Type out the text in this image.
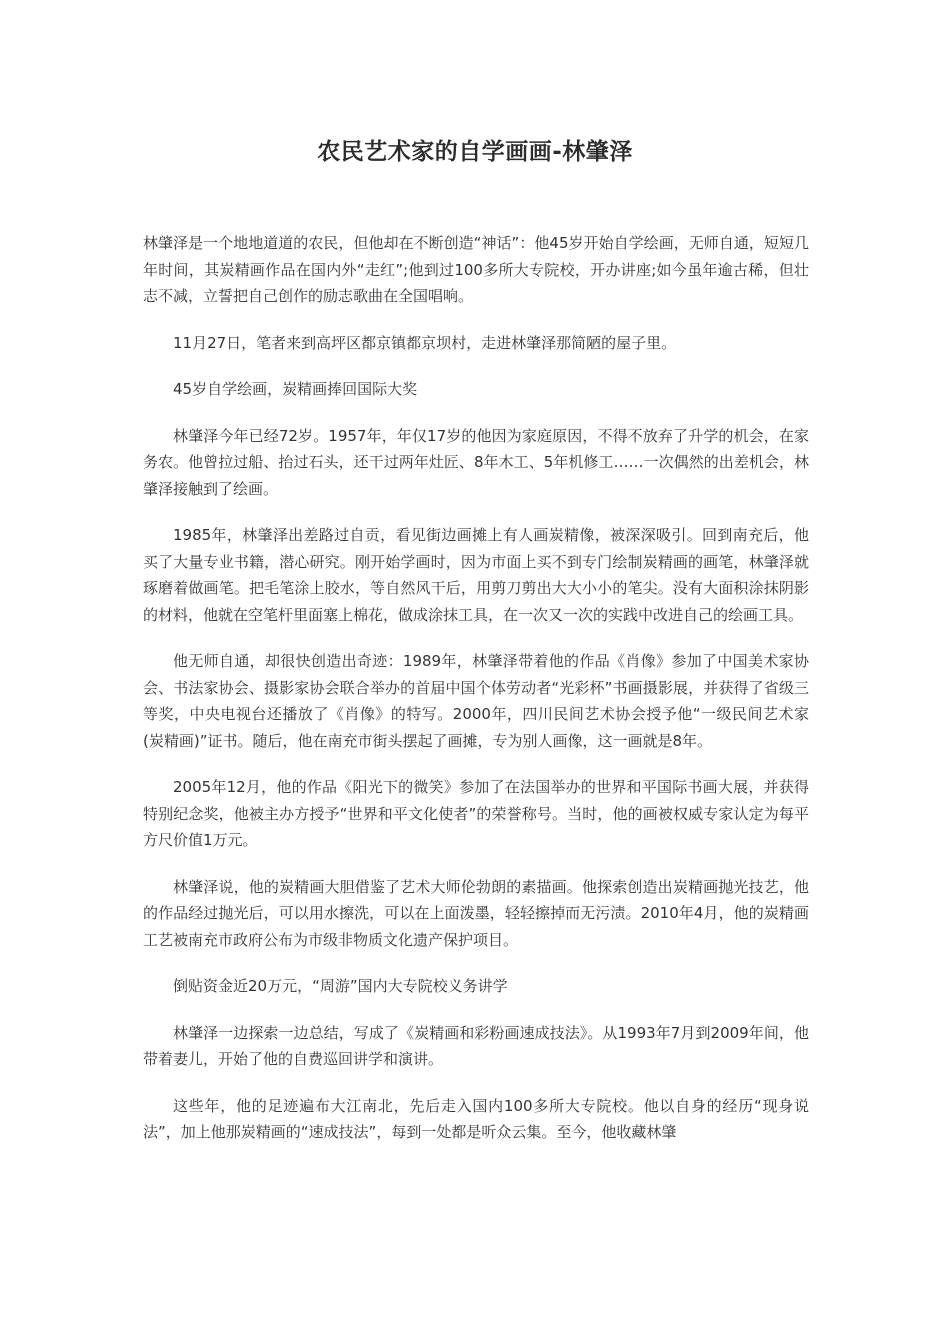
农民艺术家的自学画画-林肇泽

林肇泽是一个地地道道的农民，但他却在不断创造“神话”：他45岁开始自学绘画，无师自通，短短几年时间，其炭精画作品在国内外“走红”;他到过100多所大专院校，开办讲座;如今虽年逾古稀，但壮志不减，立誓把自己创作的励志歌曲在全国唱响。

11月27日，笔者来到高坪区都京镇都京坝村，走进林肇泽那简陋的屋子里。

45岁自学绘画，炭精画捧回国际大奖

林肇泽今年已经72岁。1957年，年仅17岁的他因为家庭原因，不得不放弃了升学的机会，在家务农。他曾拉过船、抬过石头，还干过两年灶匠、8年木工、5年机修工……一次偶然的出差机会，林肇泽接触到了绘画。

1985年，林肇泽出差路过自贡，看见街边画摊上有人画炭精像，被深深吸引。回到南充后，他买了大量专业书籍，潜心研究。刚开始学画时，因为市面上买不到专门绘制炭精画的画笔，林肇泽就琢磨着做画笔。把毛笔涂上胶水，等自然风干后，用剪刀剪出大大小小的笔尖。没有大面积涂抹阴影的材料，他就在空笔杆里面塞上棉花，做成涂抹工具，在一次又一次的实践中改进自己的绘画工具。

他无师自通，却很快创造出奇迹：1989年，林肇泽带着他的作品《肖像》参加了中国美术家协会、书法家协会、摄影家协会联合举办的首届中国个体劳动者“光彩杯”书画摄影展，并获得了省级三等奖，中央电视台还播放了《肖像》的特写。2000年，四川民间艺术协会授予他“一级民间艺术家(炭精画)”证书。随后，他在南充市街头摆起了画摊，专为别人画像，这一画就是8年。

2005年12月，他的作品《阳光下的微笑》参加了在法国举办的世界和平国际书画大展，并获得特别纪念奖，他被主办方授予“世界和平文化使者”的荣誉称号。当时，他的画被权威专家认定为每平方尺价值1万元。

林肇泽说，他的炭精画大胆借鉴了艺术大师伦勃朗的素描画。他探索创造出炭精画抛光技艺，他的作品经过抛光后，可以用水擦洗，可以在上面泼墨，轻轻擦掉而无污渍。2010年4月，他的炭精画工艺被南充市政府公布为市级非物质文化遗产保护项目。

倒贴资金近20万元，“周游”国内大专院校义务讲学

林肇泽一边探索一边总结，写成了《炭精画和彩粉画速成技法》。从1993年7月到2009年间，他带着妻儿，开始了他的自费巡回讲学和演讲。

这些年，他的足迹遍布大江南北，先后走入国内100多所大专院校。他以自身的经历“现身说法”，加上他那炭精画的“速成技法”，每到一处都是听众云集。至今，他收藏林肇
